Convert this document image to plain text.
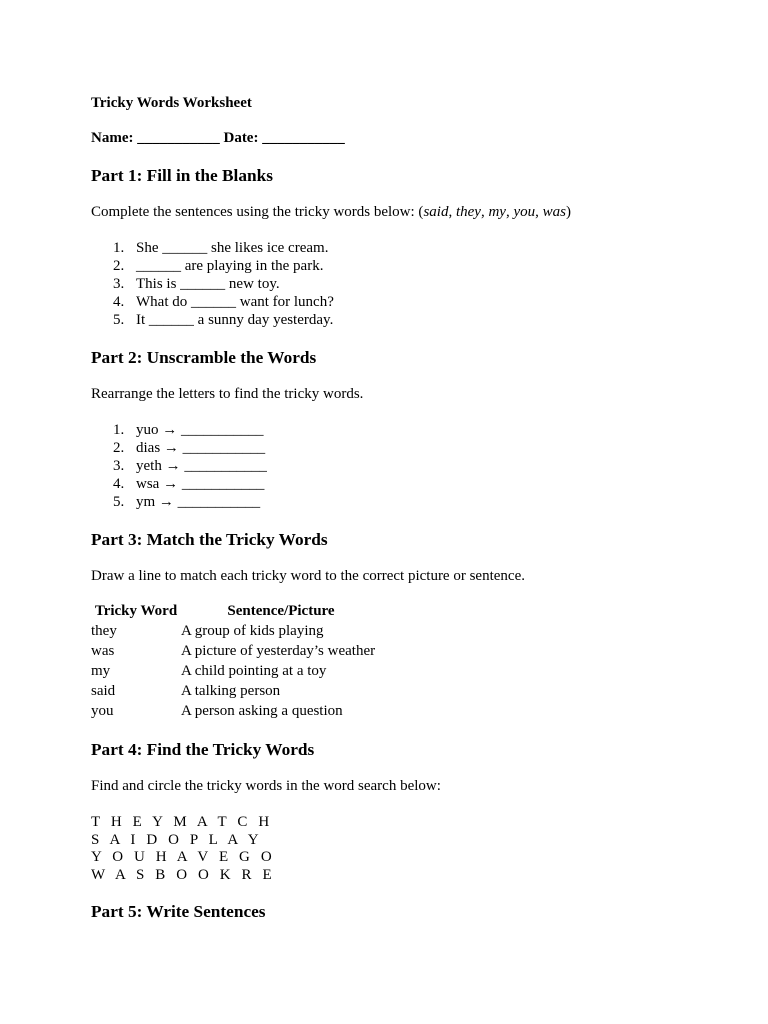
Tricky Words Worksheet
Name: ___________ Date: ___________
Part 1: Fill in the Blanks
Complete the sentences using the tricky words below: (said, they, my, you, was)
1. She ______ she likes ice cream.
2. ______ are playing in the park.
3. This is ______ new toy.
4. What do ______ want for lunch?
5. It ______ a sunny day yesterday.
Part 2: Unscramble the Words
Rearrange the letters to find the tricky words.
1. yuo → ___________
2. dias → ___________
3. yeth → ___________
4. wsa → ___________
5. ym → ___________
Part 3: Match the Tricky Words
Draw a line to match each tricky word to the correct picture or sentence.
Tricky Word	Sentence/Picture
they	A group of kids playing
was	A picture of yesterday’s weather
my	A child pointing at a toy
said	A talking person
you	A person asking a question
Part 4: Find the Tricky Words
Find and circle the tricky words in the word search below:
T H E Y M A T C H
S A I D O P L A Y
Y O U H A V E G O
W A S B O O K R E
Part 5: Write Sentences
